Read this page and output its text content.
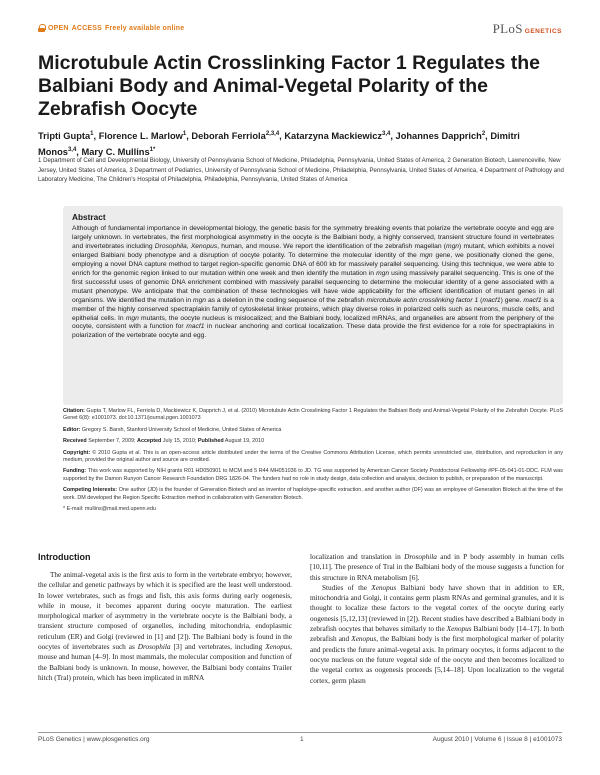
OPEN ACCESS Freely available online	PLoS GENETICS
Microtubule Actin Crosslinking Factor 1 Regulates the Balbiani Body and Animal-Vegetal Polarity of the Zebrafish Oocyte
Tripti Gupta$^1$, Florence L. Marlow$^1$, Deborah Ferriola$^{2,3,4}$, Katarzyna Mackiewicz$^{3,4}$, Johannes Dapprich$^2$, Dimitri Monos$^{3,4}$, Mary C. Mullins$^{1*}$
1 Department of Cell and Developmental Biology, University of Pennsylvania School of Medicine, Philadelphia, Pennsylvania, United States of America, 2 Generation Biotech, Lawrenceville, New Jersey, United States of America, 3 Department of Pediatrics, University of Pennsylvania School of Medicine, Philadelphia, Pennsylvania, United States of America, 4 Department of Pathology and Laboratory Medicine, The Children's Hospital of Philadelphia, Philadelphia, Pennsylvania, United States of America
Abstract
Although of fundamental importance in developmental biology, the genetic basis for the symmetry breaking events that polarize the vertebrate oocyte and egg are largely unknown. In vertebrates, the first morphological asymmetry in the oocyte is the Balbiani body, a highly conserved, transient structure found in vertebrates and invertebrates including Drosophila, Xenopus, human, and mouse. We report the identification of the zebrafish magellan (mgn) mutant, which exhibits a novel enlarged Balbiani body phenotype and a disruption of oocyte polarity. To determine the molecular identity of the mgn gene, we positionally cloned the gene, employing a novel DNA capture method to target region-specific genomic DNA of 600 kb for massively parallel sequencing. Using this technique, we were able to enrich for the genomic region linked to our mutation within one week and then identify the mutation in mgn using massively parallel sequencing. This is one of the first successful uses of genomic DNA enrichment combined with massively parallel sequencing to determine the molecular identity of a gene associated with a mutant phenotype. We anticipate that the combination of these technologies will have wide applicability for the efficient identification of mutant genes in all organisms. We identified the mutation in mgn as a deletion in the coding sequence of the zebrafish microtubule actin crosslinking factor 1 (macf1) gene. macf1 is a member of the highly conserved spectraplakin family of cytoskeletal linker proteins, which play diverse roles in polarized cells such as neurons, muscle cells, and epithelial cells. In mgn mutants, the oocyte nucleus is mislocalized; and the Balbiani body, localized mRNAs, and organelles are absent from the periphery of the oocyte, consistent with a function for macf1 in nuclear anchoring and cortical localization. These data provide the first evidence for a role for spectraplakins in polarization of the vertebrate oocyte and egg.

Citation: Gupta T, Marlow FL, Ferriola D, Mackiewicz K, Dapprich J, et al. (2010) Microtubule Actin Crosslinking Factor 1 Regulates the Balbiani Body and Animal-Vegetal Polarity of the Zebrafish Oocyte. PLoS Genet 6(8): e1001073. doi:10.1371/journal.pgen.1001073

Editor: Gregory S. Barsh, Stanford University School of Medicine, United States of America

Received September 7, 2009; Accepted July 15, 2010; Published August 19, 2010

Copyright: © 2010 Gupta et al. This is an open-access article distributed under the terms of the Creative Commons Attribution License, which permits unrestricted use, distribution, and reproduction in any medium, provided the original author and source are credited.

Funding: This work was supported by NIH grants R01 HD050901 to MCM and 5 R44 MH051036 to JD. TG was supported by American Cancer Society Postdoctoral Fellowship #PF-05-041-01-DDC. FLM was supported by the Damon Runyon Cancer Research Foundation DRG 1826-04. The funders had no role in study design, data collection and analysis, decision to publish, or preparation of the manuscript.

Competing Interests: One author (JD) is the founder of Generation Biotech and an inventor of haplotype-specific extraction, and another author (DF) was an employee of Generation Biotech at the time of the work. DM developed the Region Specific Extraction method in collaboration with Generation Biotech.

* E-mail: mullins@mail.med.upenn.edu

Introduction

The animal-vegetal axis is the first axis to form in the vertebrate embryo; however, the cellular and genetic pathways by which it is specified are the least well understood. In lower vertebrates, such as frogs and fish, this axis forms during early oogenesis, while in mouse, it becomes apparent during oocyte maturation. The earliest morphological marker of asymmetry in the vertebrate oocyte is the Balbiani body, a transient structure composed of organelles, including mitochondria, endoplasmic reticulum (ER) and Golgi (reviewed in [1] and [2]). The Balbiani body is found in the oocytes of invertebrates such as Drosophila [3] and vertebrates, including Xenopus, mouse and human [4–9]. In most mammals, the molecular composition and function of the Balbiani body is unknown. In mouse, however, the Balbiani body contains Trailer hitch (Tral) protein, which has been implicated in mRNA

localization and translation in Drosophila and in P body assembly in human cells [10,11]. The presence of Tral in the Balbiani body of the mouse suggests a function for this structure in RNA metabolism [6].

Studies of the Xenopus Balbiani body have shown that in addition to ER, mitochondria and Golgi, it contains germ plasm RNAs and germinal granules, and it is thought to localize these factors to the vegetal cortex of the oocyte during early oogenesis [5,12,13] (reviewed in [2]). Recent studies have described a Balbiani body in zebrafish oocytes that behaves similarly to the Xenopus Balbiani body [14–17]. In both zebrafish and Xenopus, the Balbiani body is the first morphological marker of polarity and predicts the future animal-vegetal axis. In primary oocytes, it forms adjacent to the oocyte nucleus on the future vegetal side of the oocyte and then becomes localized to the vegetal cortex as oogenesis proceeds [5,14–18]. Upon localization to the vegetal cortex, germ plasm

PLoS Genetics | www.plosgenetics.org	1	August 2010 | Volume 6 | Issue 8 | e1001073
